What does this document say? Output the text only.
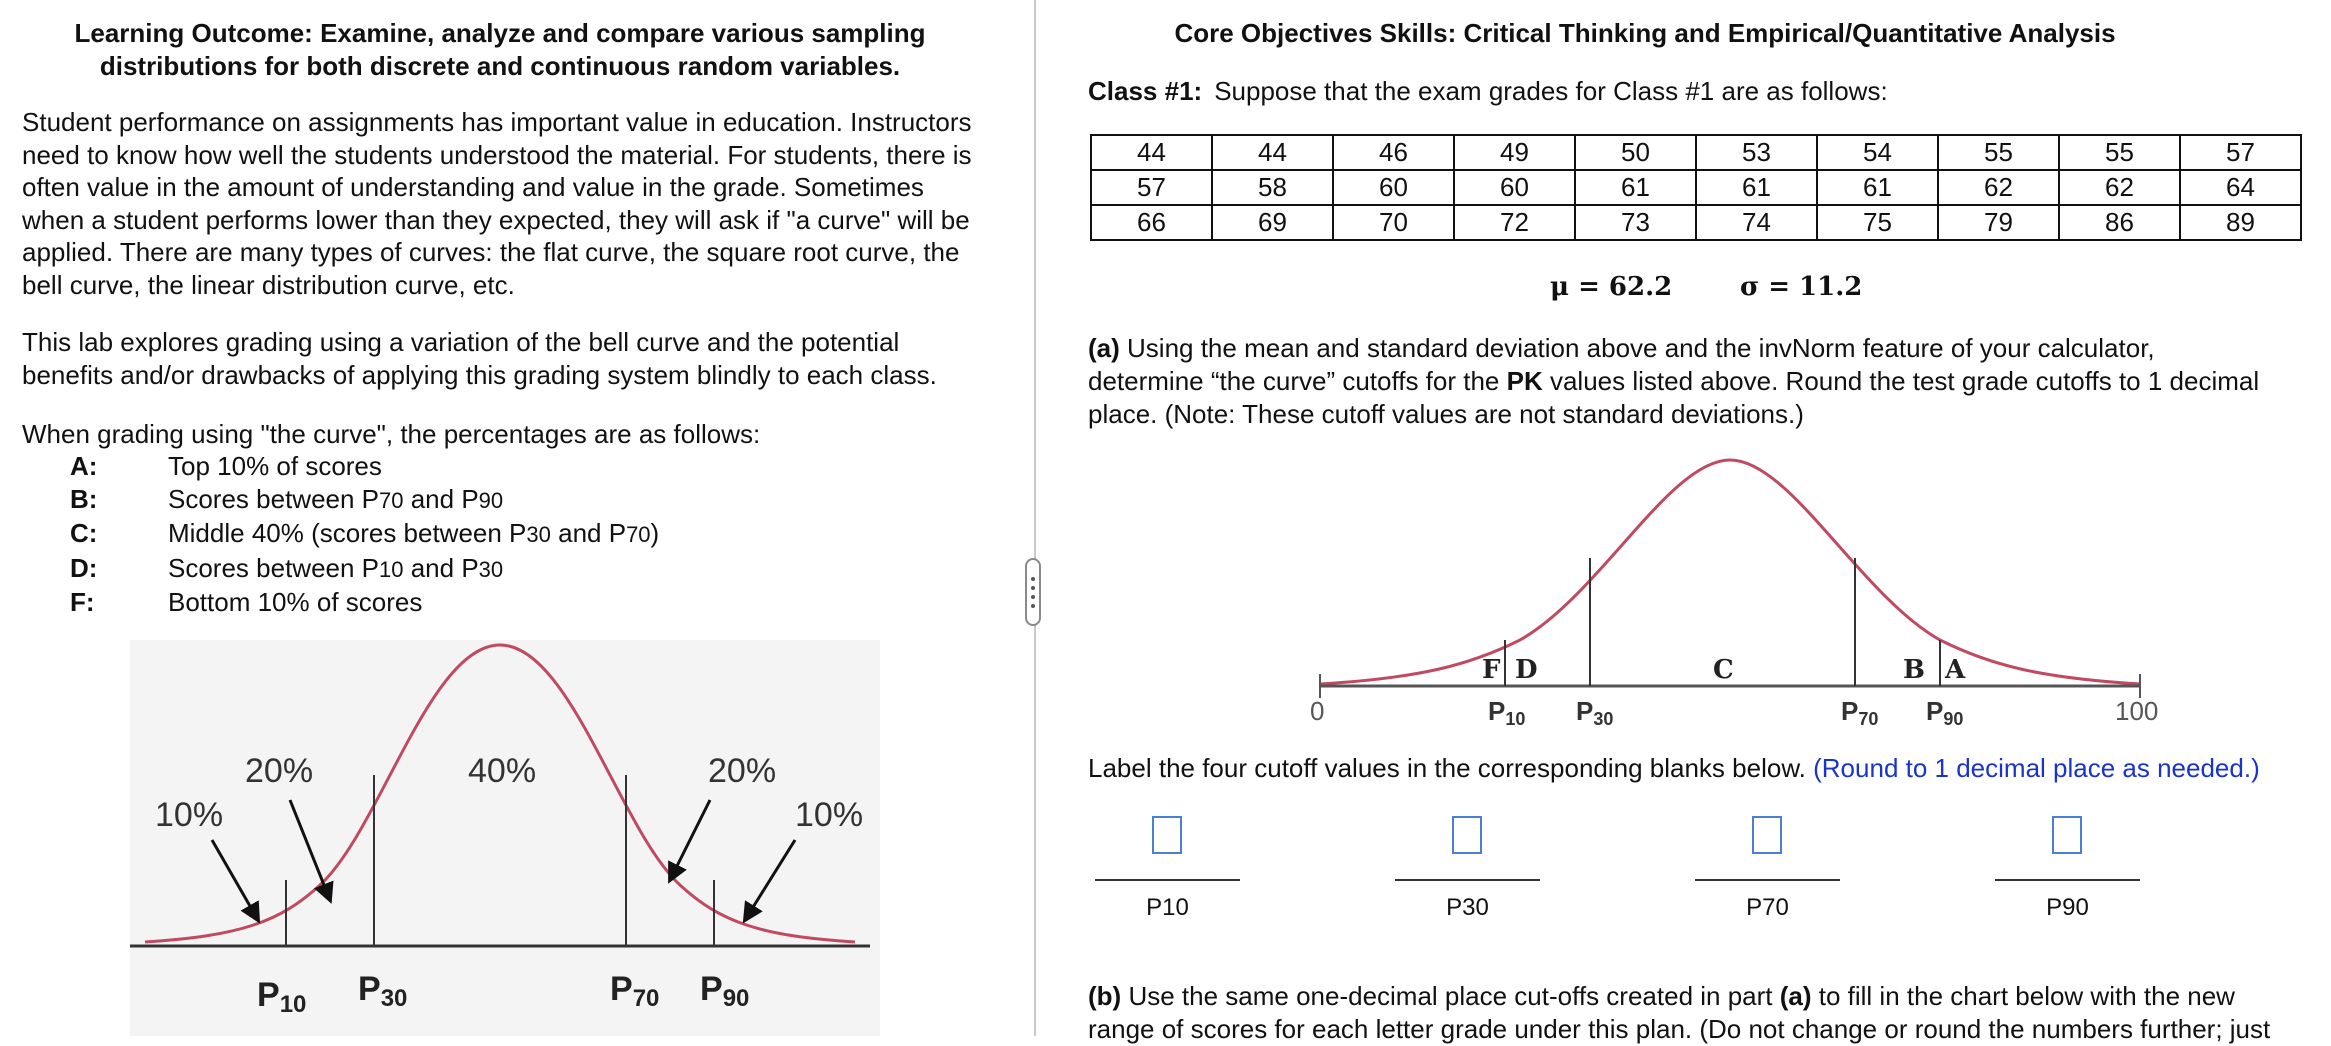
Learning Outcome: Examine, analyze and compare various sampling
distributions for both discrete and continuous random variables.
Student performance on assignments has important value in education. Instructors
need to know how well the students understood the material. For students, there is
often value in the amount of understanding and value in the grade. Sometimes
when a student performs lower than they expected, they will ask if "a curve" will be
applied. There are many types of curves: the flat curve, the square root curve, the
bell curve, the linear distribution curve, etc.
This lab explores grading using a variation of the bell curve and the potential
benefits and/or drawbacks of applying this grading system blindly to each class.
When grading using "the curve", the percentages are as follows:
A:	Top 10% of scores
B:	Scores between P70 and P90
C:	Middle 40% (scores between P30 and P70)
D:	Scores between P10 and P30
F:	Bottom 10% of scores
10%
20%	40%	20%
10%
P10 P30	P70 P90
Core Objectives Skills: Critical Thinking and Empirical/Quantitative Analysis
Class #1: Suppose that the exam grades for Class #1 are as follows:
44	44	46	49	50	53	54	55	55	57
57	58	60	60	61	61	61	62	62	64
66	69	70	72	73	74	75	79	86	89
μ = 62.2	σ = 11.2
(a) Using the mean and standard deviation above and the invNorm feature of your calculator,
determine “the curve” cutoffs for the PK values listed above. Round the test grade cutoffs to 1 decimal
place. (Note: These cutoff values are not standard deviations.)
F D	C	B A
0	100
P10 P30	P70 P90
Label the four cutoff values in the corresponding blanks below. (Round to 1 decimal place as needed.)
P10	P30	P70	P90
(b) Use the same one-decimal place cut-offs created in part (a) to fill in the chart below with the new
range of scores for each letter grade under this plan. (Do not change or round the numbers further; just
